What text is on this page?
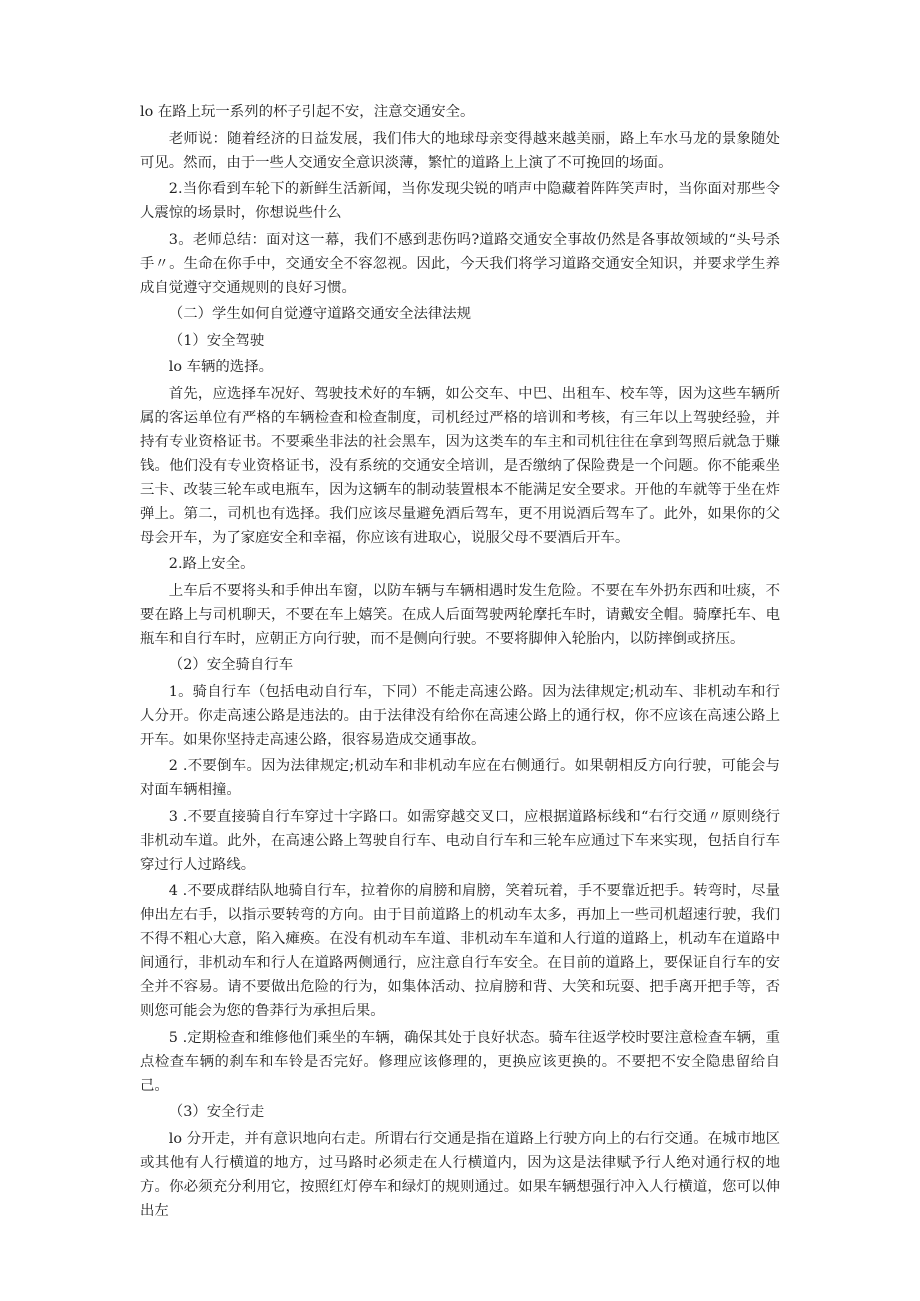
lo 在路上玩一系列的杯子引起不安，注意交通安全。

老师说：随着经济的日益发展，我们伟大的地球母亲变得越来越美丽，路上车水马龙的景象随处可见。然而，由于一些人交通安全意识淡薄，繁忙的道路上上演了不可挽回的场面。

2.当你看到车轮下的新鲜生活新闻，当你发现尖锐的哨声中隐藏着阵阵笑声时，当你面对那些令人震惊的场景时，你想说些什么

3。老师总结：面对这一幕，我们不感到悲伤吗?道路交通安全事故仍然是各事故领域的“头号杀手〃。生命在你手中，交通安全不容忽视。因此，今天我们将学习道路交通安全知识，并要求学生养成自觉遵守交通规则的良好习惯。

（二）学生如何自觉遵守道路交通安全法律法规

（1）安全驾驶

lo 车辆的选择。

首先，应选择车况好、驾驶技术好的车辆，如公交车、中巴、出租车、校车等，因为这些车辆所属的客运单位有严格的车辆检查和检查制度，司机经过严格的培训和考核，有三年以上驾驶经验，并持有专业资格证书。不要乘坐非法的社会黑车，因为这类车的车主和司机往往在拿到驾照后就急于赚钱。他们没有专业资格证书，没有系统的交通安全培训，是否缴纳了保险费是一个问题。你不能乘坐三卡、改装三轮车或电瓶车，因为这辆车的制动装置根本不能满足安全要求。开他的车就等于坐在炸弹上。第二，司机也有选择。我们应该尽量避免酒后驾车，更不用说酒后驾车了。此外，如果你的父母会开车，为了家庭安全和幸福，你应该有进取心，说服父母不要酒后开车。

2.路上安全。

上车后不要将头和手伸出车窗，以防车辆与车辆相遇时发生危险。不要在车外扔东西和吐痰，不要在路上与司机聊天，不要在车上嬉笑。在成人后面驾驶两轮摩托车时，请戴安全帽。骑摩托车、电瓶车和自行车时，应朝正方向行驶，而不是侧向行驶。不要将脚伸入轮胎内，以防摔倒或挤压。

（2）安全骑自行车

1。骑自行车（包括电动自行车，下同）不能走高速公路。因为法律规定;机动车、非机动车和行人分开。你走高速公路是违法的。由于法律没有给你在高速公路上的通行权，你不应该在高速公路上开车。如果你坚持走高速公路，很容易造成交通事故。

2 .不要倒车。因为法律规定;机动车和非机动车应在右侧通行。如果朝相反方向行驶，可能会与对面车辆相撞。

3 .不要直接骑自行车穿过十字路口。如需穿越交叉口，应根据道路标线和“右行交通〃原则绕行非机动车道。此外，在高速公路上驾驶自行车、电动自行车和三轮车应通过下车来实现，包括自行车穿过行人过路线。

4 .不要成群结队地骑自行车，拉着你的肩膀和肩膀，笑着玩着，手不要靠近把手。转弯时，尽量伸出左右手，以指示要转弯的方向。由于目前道路上的机动车太多，再加上一些司机超速行驶，我们不得不粗心大意，陷入瘫痪。在没有机动车车道、非机动车车道和人行道的道路上，机动车在道路中间通行，非机动车和行人在道路两侧通行，应注意自行车安全。在目前的道路上，要保证自行车的安全并不容易。请不要做出危险的行为，如集体活动、拉肩膀和背、大笑和玩耍、把手离开把手等，否则您可能会为您的鲁莽行为承担后果。

5 .定期检查和维修他们乘坐的车辆，确保其处于良好状态。骑车往返学校时要注意检查车辆，重点检查车辆的刹车和车铃是否完好。修理应该修理的，更换应该更换的。不要把不安全隐患留给自己。

（3）安全行走

lo 分开走，并有意识地向右走。所谓右行交通是指在道路上行驶方向上的右行交通。在城市地区或其他有人行横道的地方，过马路时必须走在人行横道内，因为这是法律赋予行人绝对通行权的地方。你必须充分利用它，按照红灯停车和绿灯的规则通过。如果车辆想强行冲入人行横道，您可以伸出左
